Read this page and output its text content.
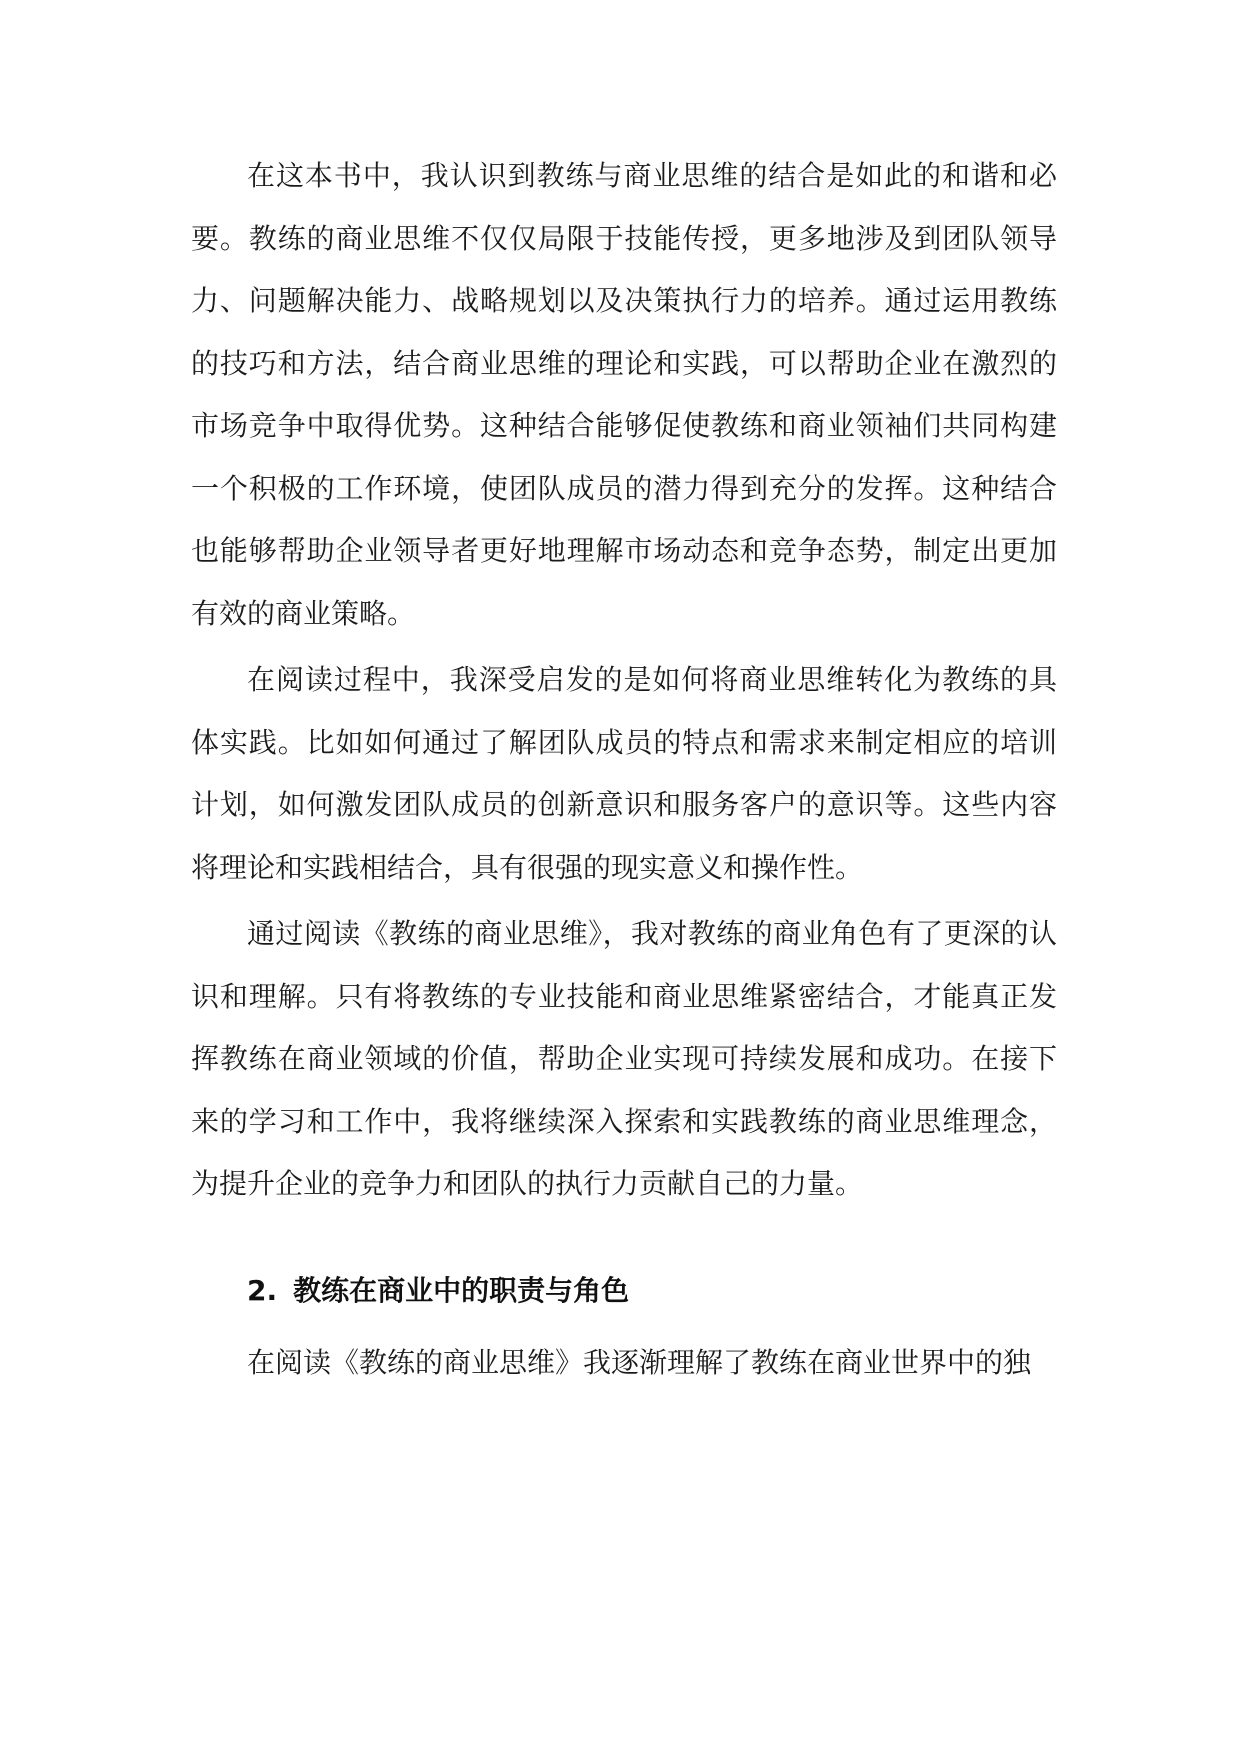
在这本书中，我认识到教练与商业思维的结合是如此的和谐和必要。教练的商业思维不仅仅局限于技能传授，更多地涉及到团队领导力、问题解决能力、战略规划以及决策执行力的培养。通过运用教练的技巧和方法，结合商业思维的理论和实践，可以帮助企业在激烈的市场竞争中取得优势。这种结合能够促使教练和商业领袖们共同构建一个积极的工作环境，使团队成员的潜力得到充分的发挥。这种结合也能够帮助企业领导者更好地理解市场动态和竞争态势，制定出更加有效的商业策略。

在阅读过程中，我深受启发的是如何将商业思维转化为教练的具体实践。比如如何通过了解团队成员的特点和需求来制定相应的培训计划，如何激发团队成员的创新意识和服务客户的意识等。这些内容将理论和实践相结合，具有很强的现实意义和操作性。

通过阅读《教练的商业思维》，我对教练的商业角色有了更深的认识和理解。只有将教练的专业技能和商业思维紧密结合，才能真正发挥教练在商业领域的价值，帮助企业实现可持续发展和成功。在接下来的学习和工作中，我将继续深入探索和实践教练的商业思维理念，为提升企业的竞争力和团队的执行力贡献自己的力量。

2. 教练在商业中的职责与角色

在阅读《教练的商业思维》我逐渐理解了教练在商业世界中的独
